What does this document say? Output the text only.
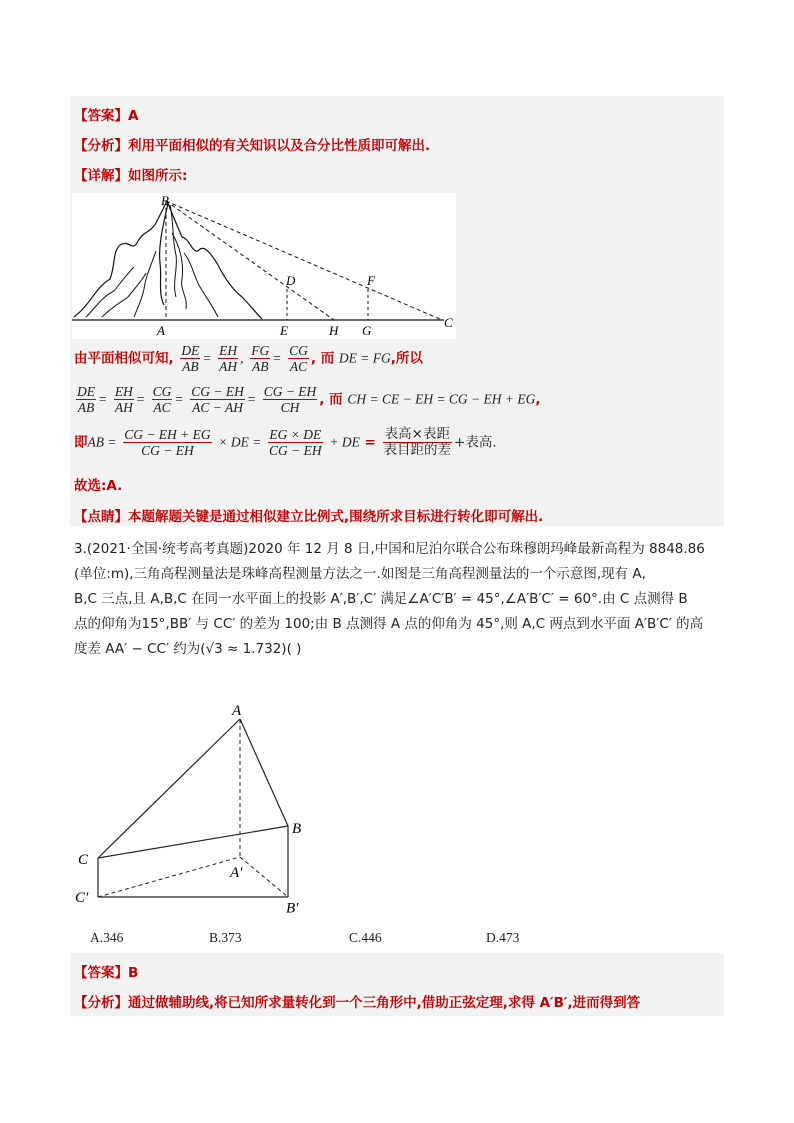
【答案】A
【分析】利用平面相似的有关知识以及合分比性质即可解出.
【详解】如图所示:
B
A
D
E	H
F
G
C
由平面相似可知, $\frac{DE}{AB} = \frac{EH}{AH}$ , $\frac{FG}{AB} = \frac{CG}{AC}$ , 而 DE = FG,所以
$\frac{DE}{AB} = \frac{EH}{AH} = \frac{CG}{AC} = \frac{CG - EH}{AC - AH} = \frac{CG - EH}{CH}$ , 而 CH = CE − EH = CG − EH + EG,
即AB = $\frac{CG - EH + EG}{CG - EH}$ × DE = $\frac{EG \times DE}{CG - EH}$ + DE = $\frac{\text{表高×表距}}{\text{表目距的差}}$ +表高.
故选:A.
【点睛】本题解题关键是通过相似建立比例式,围绕所求目标进行转化即可解出.
3.(2021·全国·统考高考真题)2020 年 12 月 8 日,中国和尼泊尔联合公布珠穆朗玛峰最新高程为 8848.86
(单位:m),三角高程测量法是珠峰高程测量方法之一.如图是三角高程测量法的一个示意图,现有 A,
B,C 三点,且 A,B,C 在同一水平面上的投影 A′,B′,C′ 满足∠A′C′B′ = 45°,∠A′B′C′ = 60°.由 C 点测得 B
点的仰角为15°,BB′ 与 CC′ 的差为 100;由 B 点测得 A 点的仰角为 45°,则 A,C 两点到水平面 A′B′C′ 的高
度差 AA′ − CC′ 约为(√3 ≈ 1.732)( )
A
B
C
A′
B′
C′
A.346	B.373	C.446	D.473
【答案】B
【分析】通过做辅助线,将已知所求量转化到一个三角形中,借助正弦定理,求得 A′B′,进而得到答
